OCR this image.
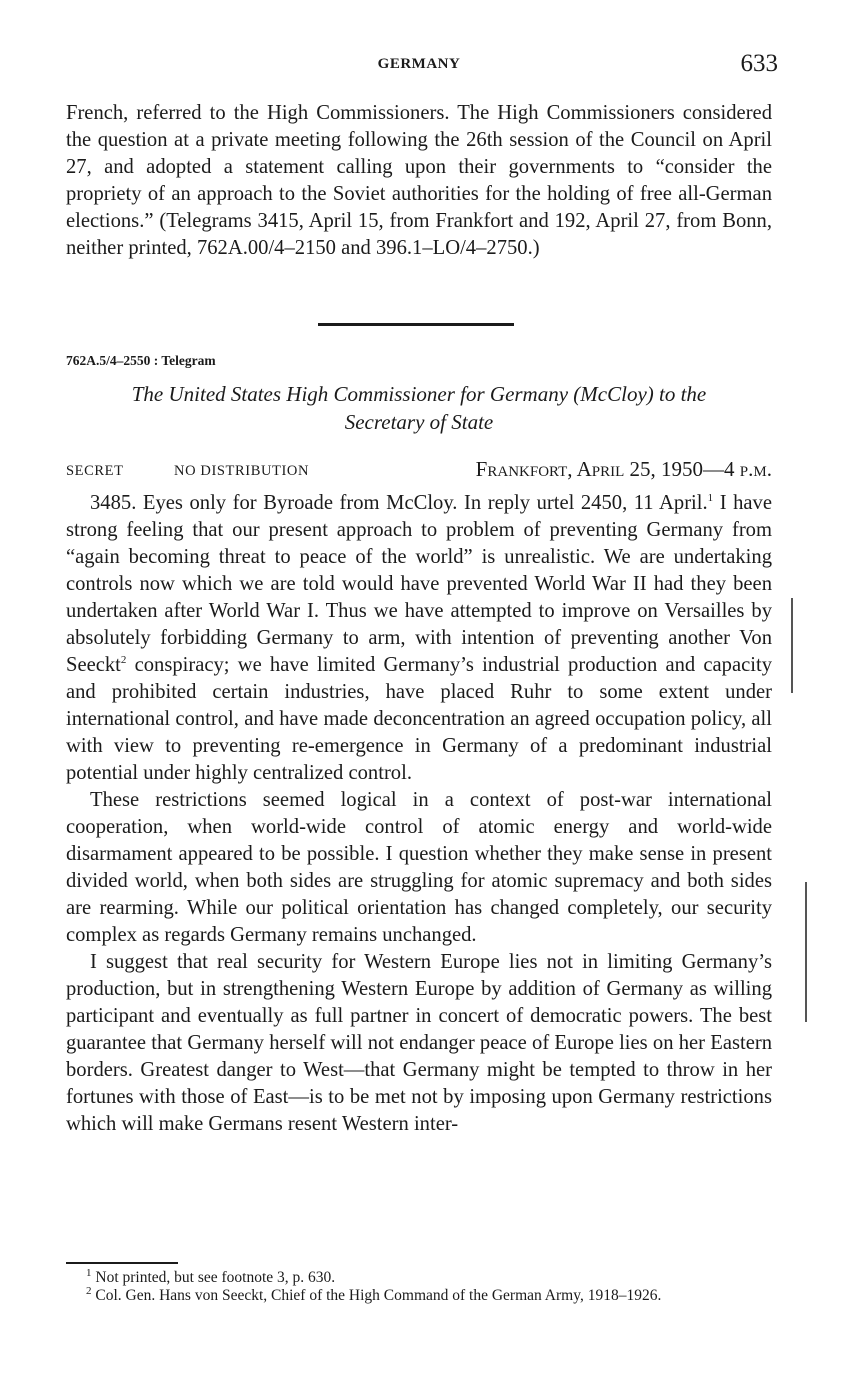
GERMANY	633

French, referred to the High Commissioners. The High Commissioners considered the question at a private meeting following the 26th session of the Council on April 27, and adopted a statement calling upon their governments to “consider the propriety of an approach to the Soviet authorities for the holding of free all-German elections.” (Telegrams 3415, April 15, from Frankfort and 192, April 27, from Bonn, neither printed, 762A.00/4–2150 and 396.1–LO/4–2750.)

762A.5/4–2550 : Telegram
The United States High Commissioner for Germany (McCloy) to the
Secretary of State
SECRET	NO DISTRIBUTION	Frankfort, April 25, 1950—4 p.m.

3485. Eyes only for Byroade from McCloy. In reply urtel 2450, 11 April.$^1$ I have strong feeling that our present approach to problem of preventing Germany from “again becoming threat to peace of the world” is unrealistic. We are undertaking controls now which we are told would have prevented World War II had they been undertaken after World War I. Thus we have attempted to improve on Versailles by absolutely forbidding Germany to arm, with intention of preventing another Von Seeckt$^2$ conspiracy; we have limited Germany’s industrial production and capacity and prohibited certain industries, have placed Ruhr to some extent under international control, and have made deconcentration an agreed occupation policy, all with view to preventing re-emergence in Germany of a predominant industrial potential under highly centralized control.

These restrictions seemed logical in a context of post-war international cooperation, when world-wide control of atomic energy and world-wide disarmament appeared to be possible. I question whether they make sense in present divided world, when both sides are struggling for atomic supremacy and both sides are rearming. While our political orientation has changed completely, our security complex as regards Germany remains unchanged.

I suggest that real security for Western Europe lies not in limiting Germany’s production, but in strengthening Western Europe by addition of Germany as willing participant and eventually as full partner in concert of democratic powers. The best guarantee that Germany herself will not endanger peace of Europe lies on her Eastern borders. Greatest danger to West—that Germany might be tempted to throw in her fortunes with those of East—is to be met not by imposing upon Germany restrictions which will make Germans resent Western inter-

$^1$ Not printed, but see footnote 3, p. 630.
$^2$ Col. Gen. Hans von Seeckt, Chief of the High Command of the German Army, 1918–1926.
